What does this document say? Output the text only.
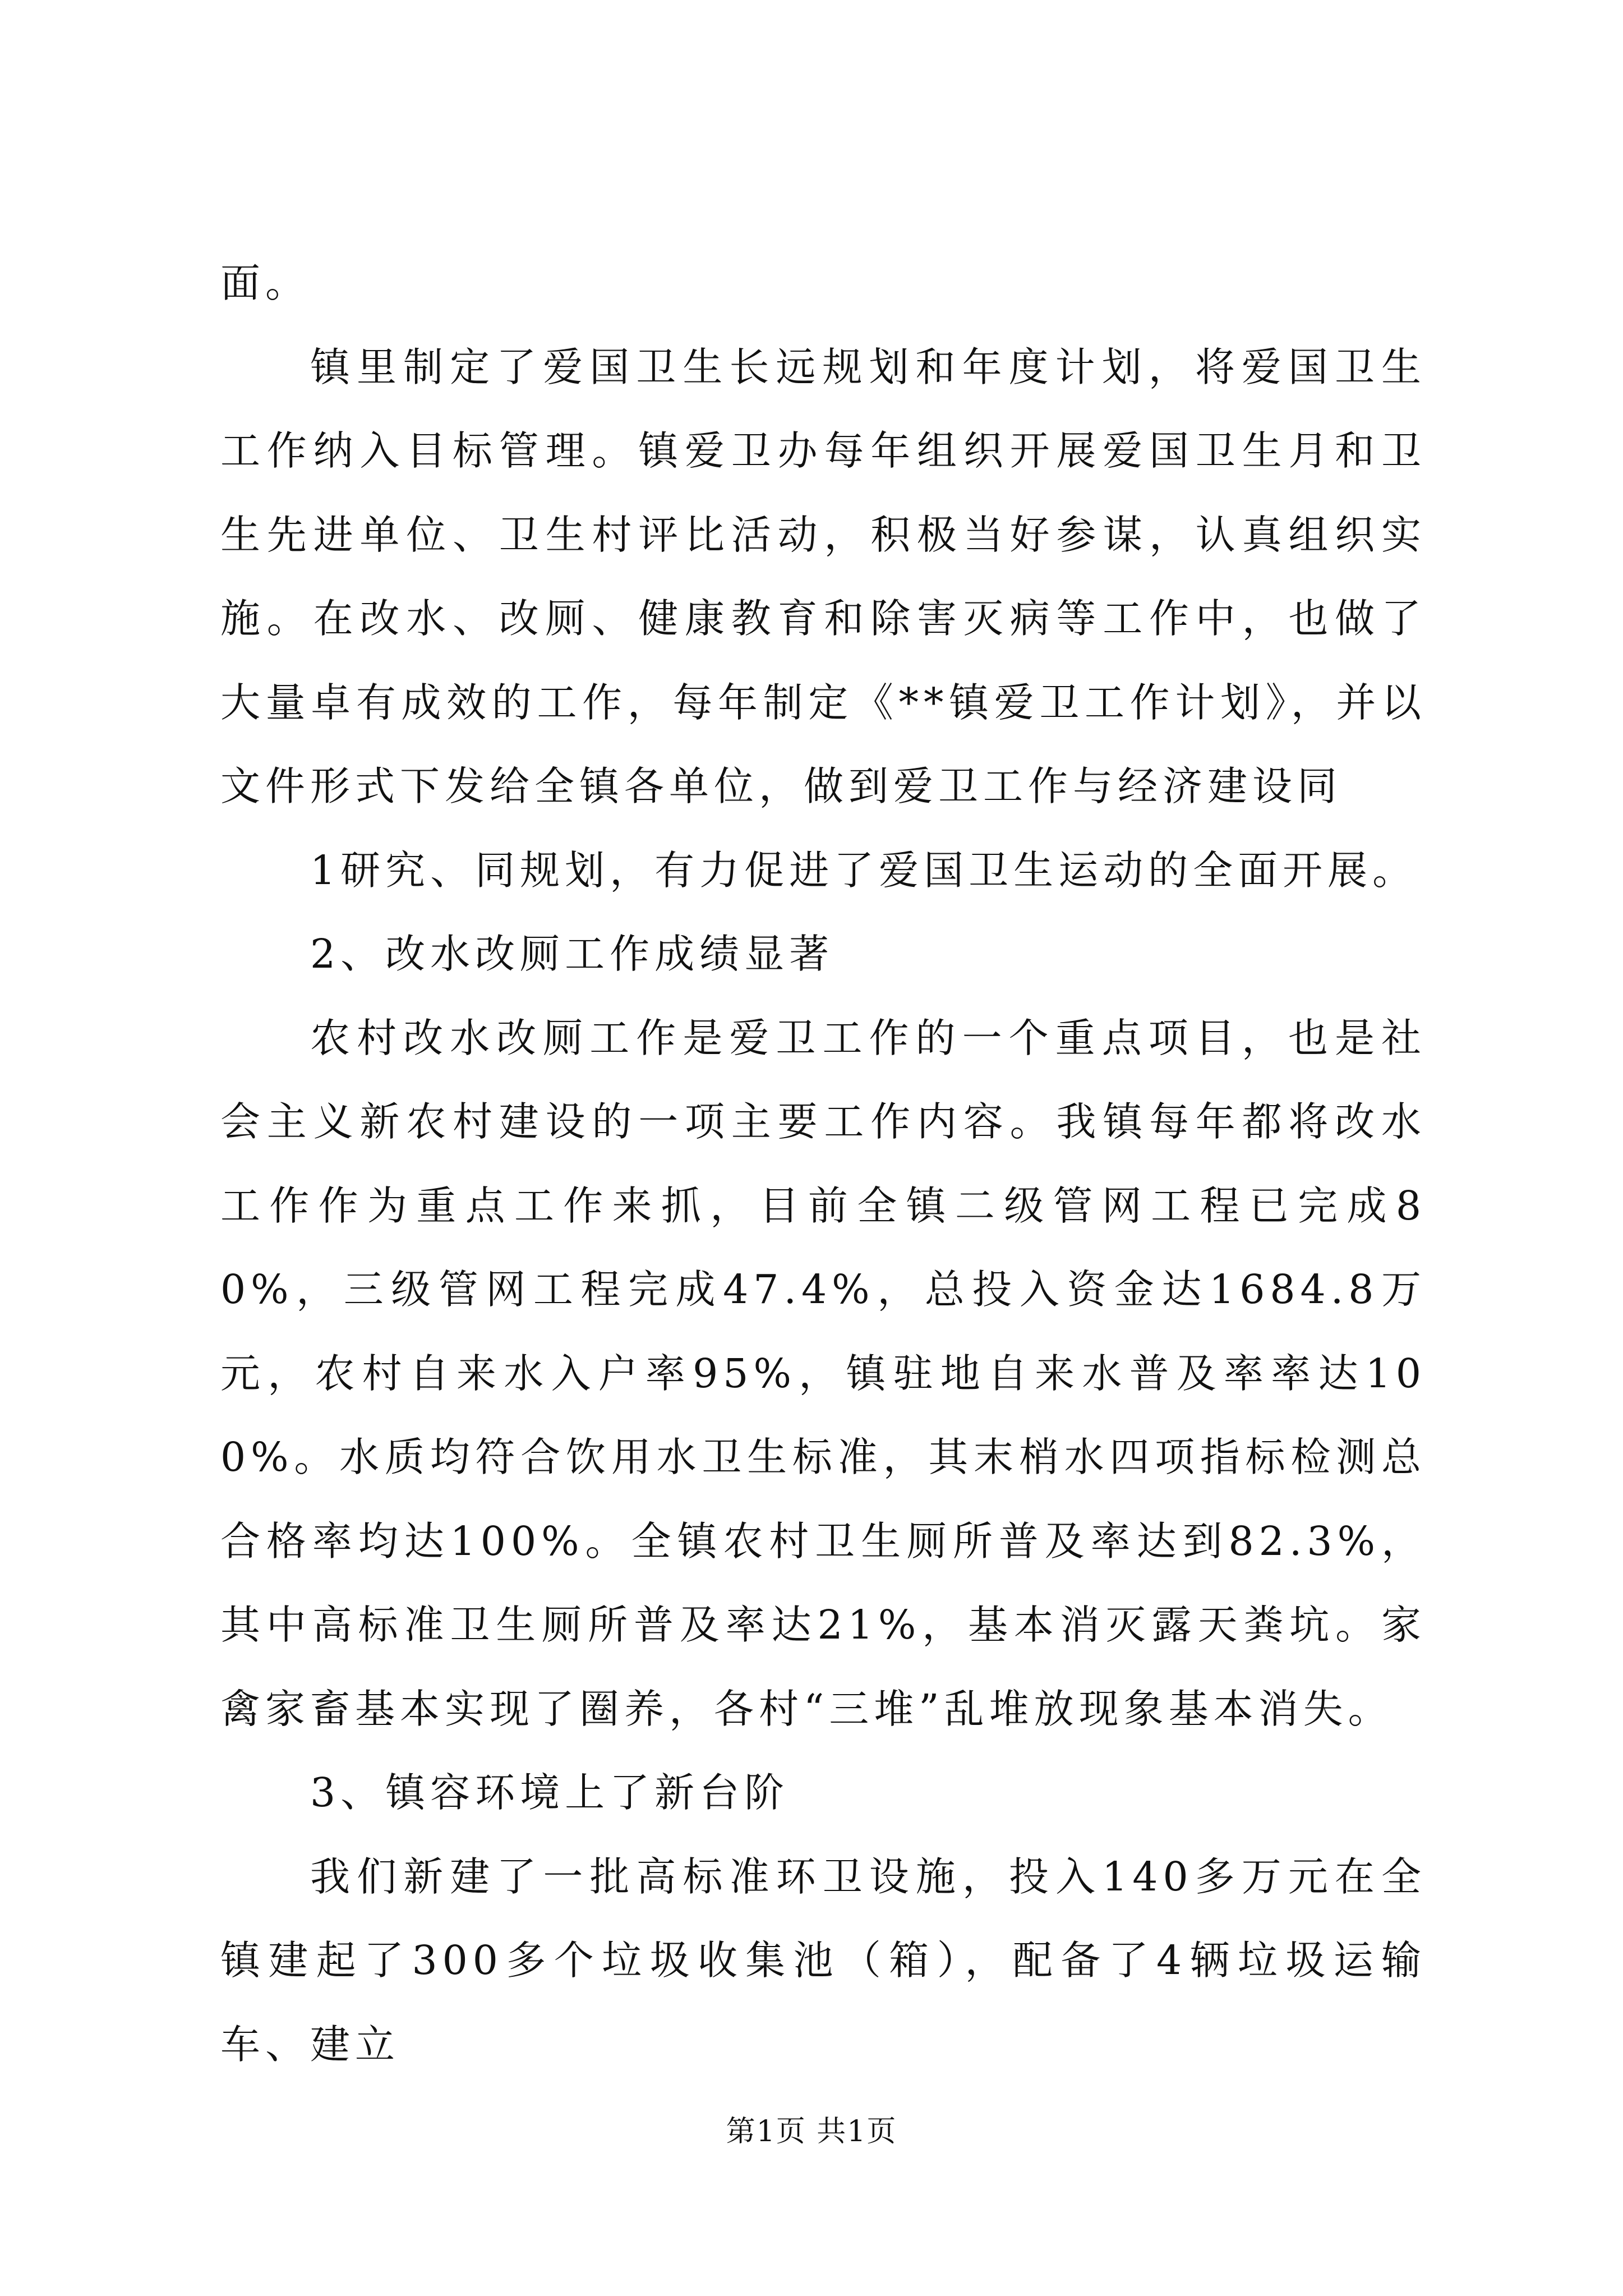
面。

镇里制定了爱国卫生长远规划和年度计划，将爱国卫生工作纳入目标管理。镇爱卫办每年组织开展爱国卫生月和卫生先进单位、卫生村评比活动，积极当好参谋，认真组织实施。在改水、改厕、健康教育和除害灭病等工作中，也做了大量卓有成效的工作，每年制定《**镇爱卫工作计划》，并以文件形式下发给全镇各单位，做到爱卫工作与经济建设同

1研究、同规划，有力促进了爱国卫生运动的全面开展。

2、改水改厕工作成绩显著

农村改水改厕工作是爱卫工作的一个重点项目，也是社会主义新农村建设的一项主要工作内容。我镇每年都将改水工作作为重点工作来抓，目前全镇二级管网工程已完成80%，三级管网工程完成47.4%，总投入资金达1684.8万元，农村自来水入户率95%，镇驻地自来水普及率率达100%。水质均符合饮用水卫生标准，其末梢水四项指标检测总合格率均达100%。全镇农村卫生厕所普及率达到82.3%，其中高标准卫生厕所普及率达21%，基本消灭露天粪坑。家禽家畜基本实现了圈养，各村“三堆”乱堆放现象基本消失。

3、镇容环境上了新台阶

我们新建了一批高标准环卫设施，投入140多万元在全镇建起了300多个垃圾收集池（箱），配备了4辆垃圾运输车、建立

第1页 共1页
